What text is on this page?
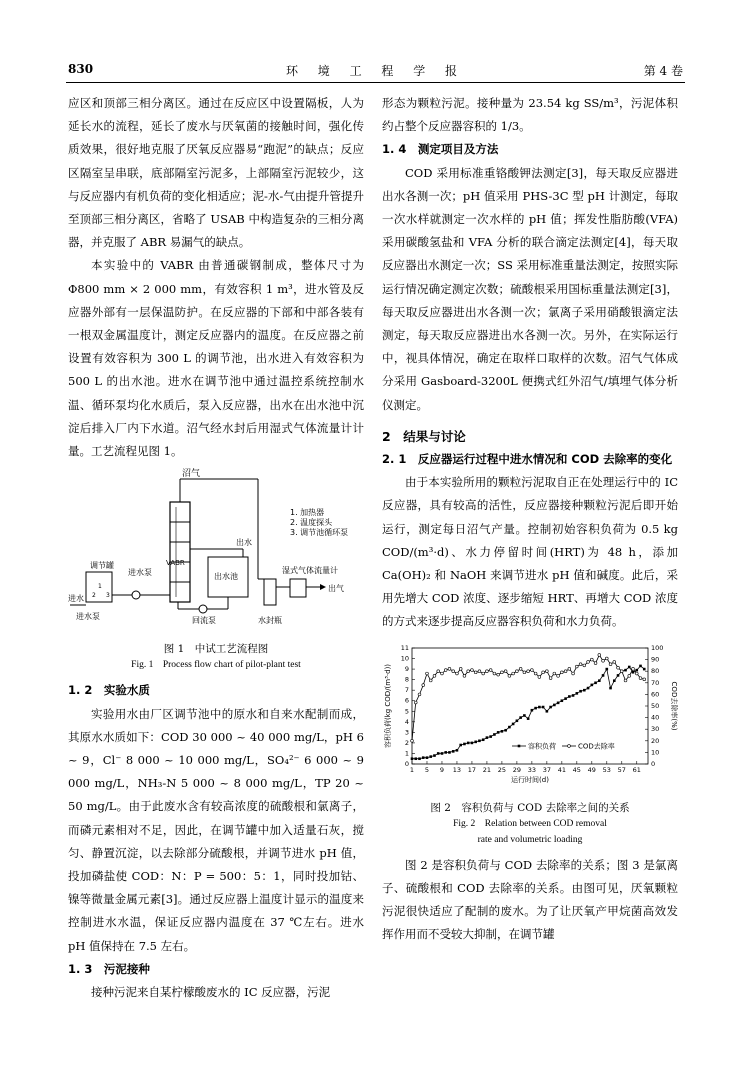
830	环 境 工 程 学 报	第 4 卷

应区和顶部三相分离区。通过在反应区中设置隔板，人为延长水的流程，延长了废水与厌氧菌的接触时间，强化传质效果，很好地克服了厌氧反应器易“跑泥”的缺点；反应区隔室呈串联，底部隔室污泥多，上部隔室污泥较少，这与反应器内有机负荷的变化相适应；泥-水-气由提升管提升至顶部三相分离区，省略了 USAB 中构造复杂的三相分离器，并克服了 ABR 易漏气的缺点。

本实验中的 VABR 由普通碳钢制成，整体尺寸为 Φ800 mm × 2 000 mm，有效容积 1 m³，进水管及反应器外部有一层保温防护。在反应器的下部和中部各装有一根双金属温度计，测定反应器内的温度。在反应器之前设置有效容积为 300 L 的调节池，出水进入有效容积为 500 L 的出水池。进水在调节池中通过温控系统控制水温、循环泵均化水质后，泵入反应器，出水在出水池中沉淀后排入厂内下水道。沼气经水封后用湿式气体流量计计量。工艺流程见图 1。

沼气
1. 加热器
2. 温度探头
3. 调节池循环泵
VABR
调节罐
1
2 3
进水泵
进水
进水泵
出水池
出水
回流泵	水封瓶
湿式气体流量计
出气
图 1　中试工艺流程图
Fig. 1　Process flow chart of pilot-plant test

1. 2　实验水质

实验用水由厂区调节池中的原水和自来水配制而成，其原水水质如下：COD 30 000 ~ 40 000 mg/L，pH 6 ~ 9，Cl⁻ 8 000 ~ 10 000 mg/L，SO₄²⁻ 6 000 ~ 9 000 mg/L，NH₃-N 5 000 ~ 8 000 mg/L，TP 20 ~ 50 mg/L。由于此废水含有较高浓度的硫酸根和氯离子，而磷元素相对不足，因此，在调节罐中加入适量石灰，搅匀、静置沉淀，以去除部分硫酸根，并调节进水 pH 值，投加磷盐使 COD：N：P = 500：5：1，同时投加钴、镍等微量金属元素[3]。通过反应器上温度计显示的温度来控制进水水温，保证反应器内温度在 37 ℃左右。进水 pH 值保持在 7.5 左右。

1. 3　污泥接种

接种污泥来自某柠檬酸废水的 IC 反应器，污泥

形态为颗粒污泥。接种量为 23.54 kg SS/m³，污泥体积约占整个反应器容积的 1/3。

1. 4　测定项目及方法

COD 采用标准重铬酸钾法测定[3]，每天取反应器进出水各测一次；pH 值采用 PHS-3C 型 pH 计测定，每取一次水样就测定一次水样的 pH 值；挥发性脂肪酸(VFA)采用碳酸氢盐和 VFA 分析的联合滴定法测定[4]，每天取反应器出水测定一次；SS 采用标准重量法测定，按照实际运行情况确定测定次数；硫酸根采用国标重量法测定[3]，每天取反应器进出水各测一次；氯离子采用硝酸银滴定法测定，每天取反应器进出水各测一次。另外，在实际运行中，视具体情况，确定在取样口取样的次数。沼气气体成分采用 Gasboard-3200L 便携式红外沼气/填埋气体分析仪测定。

2　结果与讨论

2. 1　反应器运行过程中进水情况和 COD 去除率的变化

由于本实验所用的颗粒污泥取自正在处理运行中的 IC 反应器，具有较高的活性，反应器接种颗粒污泥后即开始运行，测定每日沼气产量。控制初始容积负荷为 0.5 kg COD/(m³·d)、水力停留时间(HRT)为 48 h，添加 Ca(OH)₂ 和 NaOH 来调节进水 pH 值和碱度。此后，采用先增大 COD 浓度、逐步缩短 HRT、再增大 COD 浓度的方式来逐步提高反应器容积负荷和水力负荷。

1 5 9 13 17 21 25 29 33 37 41 45 49 53 57 61
0
1
2
3
4
5
6
7
8
9
10
11
0
10
20
30
40
50
60
70
80
90
100
运行时间(d)
容积负荷(kg COD/(m³·d))	COD去除率(%)
容积负荷	COD去除率
图 2　容积负荷与 COD 去除率之间的关系
Fig. 2　Relation between COD removal
rate and volumetric loading

图 2 是容积负荷与 COD 去除率的关系；图 3 是氯离子、硫酸根和 COD 去除率的关系。由图可见，厌氧颗粒污泥很快适应了配制的废水。为了让厌氧产甲烷菌高效发挥作用而不受较大抑制，在调节罐
